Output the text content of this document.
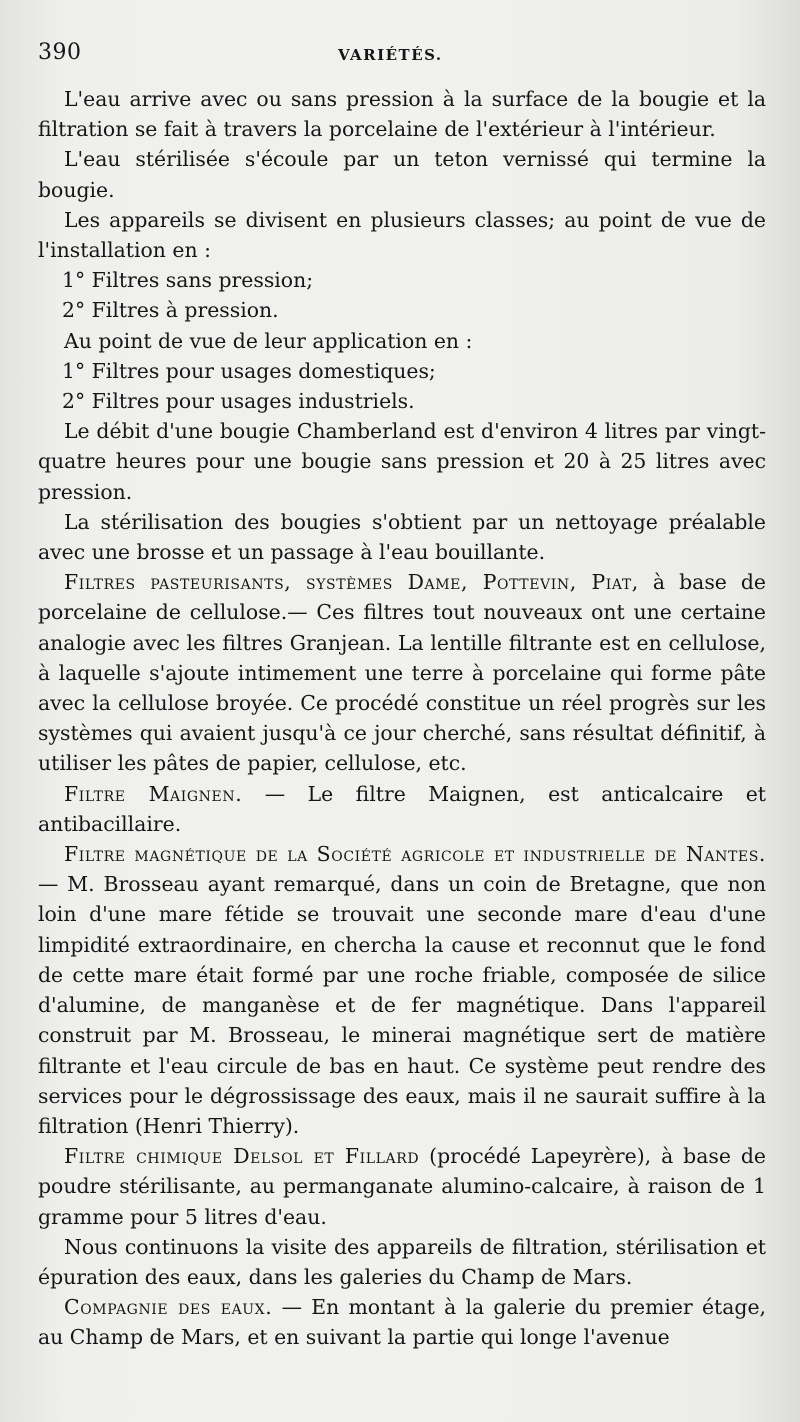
390	VARIÉTÉS.

L'eau arrive avec ou sans pression à la surface de la bougie et la filtration se fait à travers la porcelaine de l'extérieur à l'intérieur.

L'eau stérilisée s'écoule par un teton vernissé qui termine la bougie.

Les appareils se divisent en plusieurs classes; au point de vue de l'installation en :

1° Filtres sans pression;

2° Filtres à pression.

Au point de vue de leur application en :

1° Filtres pour usages domestiques;

2° Filtres pour usages industriels.

Le débit d'une bougie Chamberland est d'environ 4 litres par vingt-quatre heures pour une bougie sans pression et 20 à 25 litres avec pression.

La stérilisation des bougies s'obtient par un nettoyage préalable avec une brosse et un passage à l'eau bouillante.

Filtres pasteurisants, systèmes Dame, Pottevin, Piat, à base de porcelaine de cellulose.— Ces filtres tout nouveaux ont une certaine analogie avec les filtres Granjean. La lentille filtrante est en cellulose, à laquelle s'ajoute intimement une terre à porcelaine qui forme pâte avec la cellulose broyée. Ce procédé constitue un réel progrès sur les systèmes qui avaient jusqu'à ce jour cherché, sans résultat définitif, à utiliser les pâtes de papier, cellulose, etc.

Filtre Maignen. — Le filtre Maignen, est anticalcaire et antibacillaire.

Filtre magnétique de la Société agricole et industrielle de Nantes. — M. Brosseau ayant remarqué, dans un coin de Bretagne, que non loin d'une mare fétide se trouvait une seconde mare d'eau d'une limpidité extraordinaire, en chercha la cause et reconnut que le fond de cette mare était formé par une roche friable, composée de silice d'alumine, de manganèse et de fer magnétique. Dans l'appareil construit par M. Brosseau, le minerai magnétique sert de matière filtrante et l'eau circule de bas en haut. Ce système peut rendre des services pour le dégrossissage des eaux, mais il ne saurait suffire à la filtration (Henri Thierry).

Filtre chimique Delsol et Fillard (procédé Lapeyrère), à base de poudre stérilisante, au permanganate alumino-calcaire, à raison de 1 gramme pour 5 litres d'eau.

Nous continuons la visite des appareils de filtration, stérilisation et épuration des eaux, dans les galeries du Champ de Mars.

Compagnie des eaux. — En montant à la galerie du premier étage, au Champ de Mars, et en suivant la partie qui longe l'avenue
